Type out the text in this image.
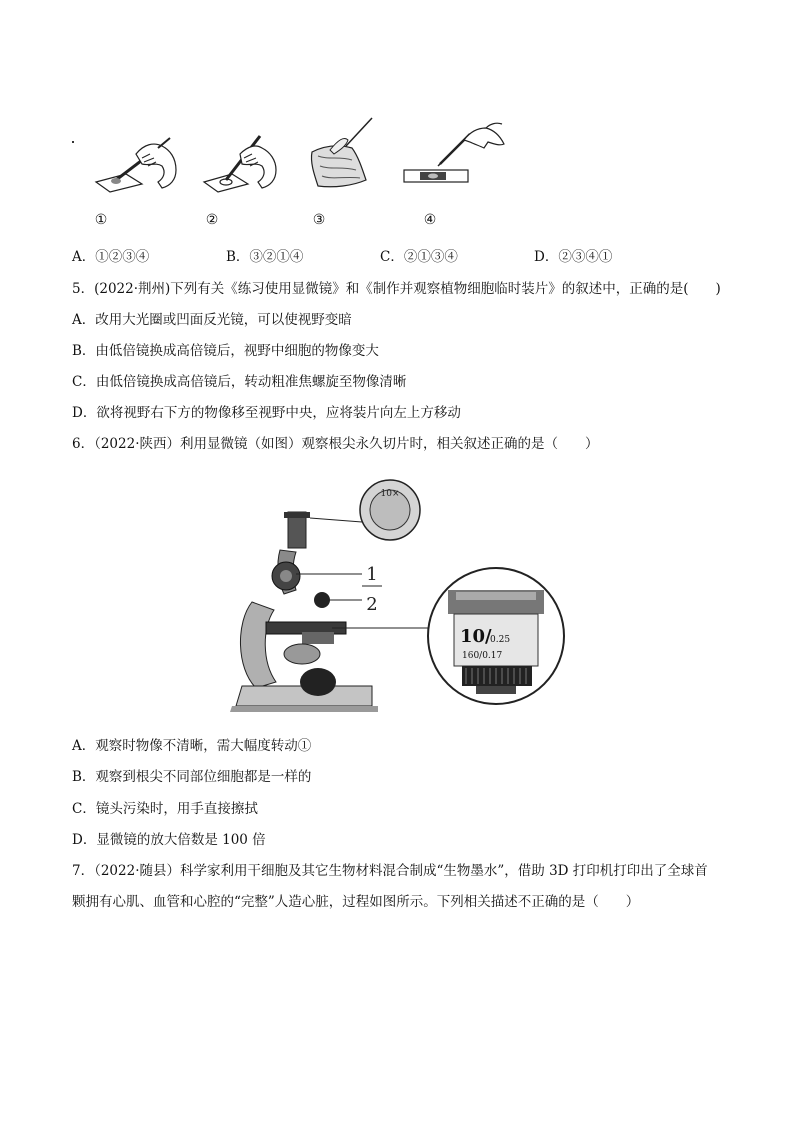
①	②	③	④
A．①②③④	B．③②①④	C．②①③④	D．②③④①
5．(2022·荆州)下列有关《练习使用显微镜》和《制作并观察植物细胞临时装片》的叙述中，正确的是(　　)
A．改用大光圈或凹面反光镜，可以使视野变暗
B．由低倍镜换成高倍镜后，视野中细胞的物像变大
C．由低倍镜换成高倍镜后，转动粗准焦螺旋至物像清晰
D．欲将视野右下方的物像移至视野中央，应将装片向左上方移动
6．（2022·陕西）利用显微镜（如图）观察根尖永久切片时，相关叙述正确的是（　　）
10×
1
2
10/
0.25
160/0.17
A．观察时物像不清晰，需大幅度转动①
B．观察到根尖不同部位细胞都是一样的
C．镜头污染时，用手直接擦拭
D．显微镜的放大倍数是 100 倍
7．（2022·随县）科学家利用干细胞及其它生物材料混合制成“生物墨水”，借助 3D 打印机打印出了全球首
颗拥有心肌、血管和心腔的“完整”人造心脏，过程如图所示。下列相关描述不正确的是（　　）
